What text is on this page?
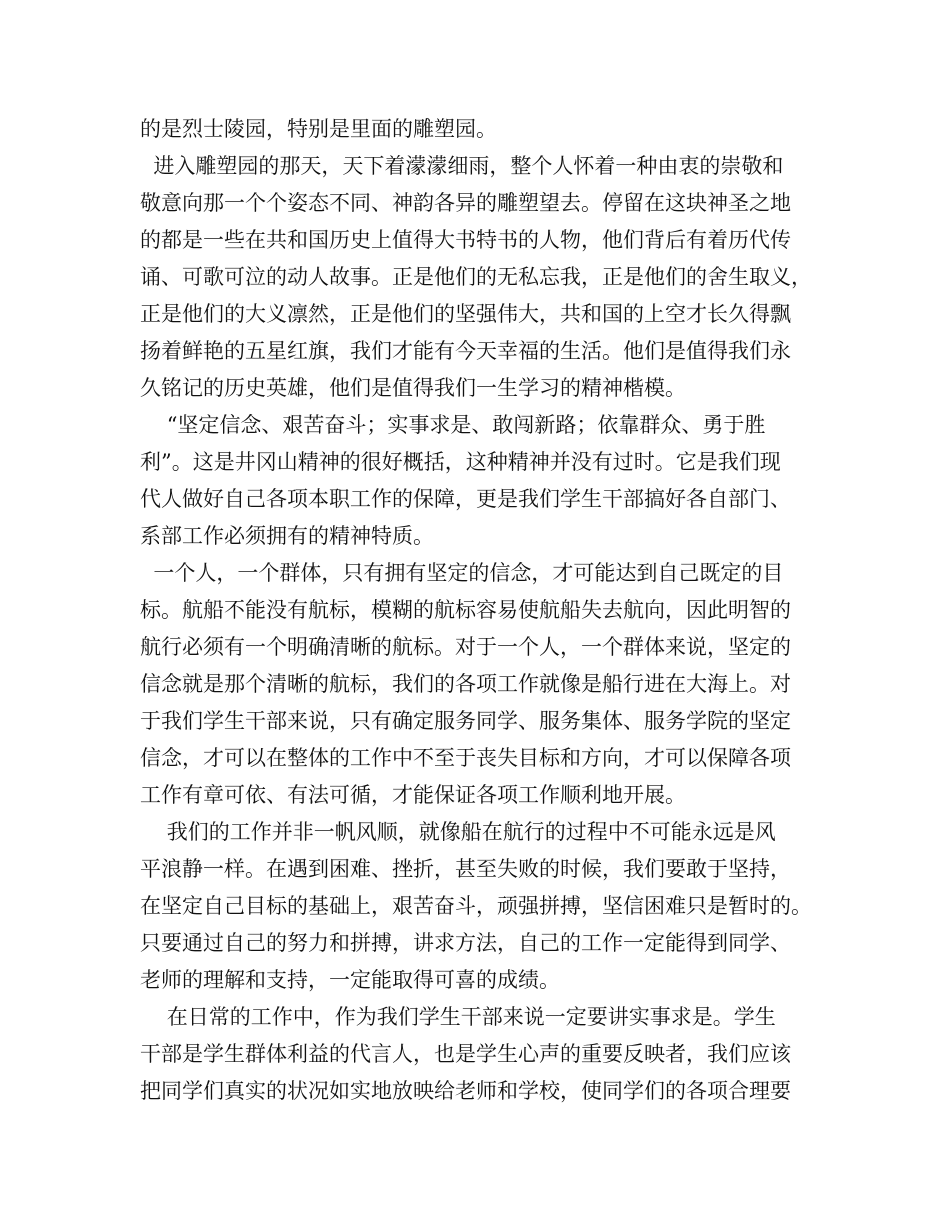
的是烈士陵园，特别是里面的雕塑园。
进入雕塑园的那天，天下着濛濛细雨，整个人怀着一种由衷的崇敬和
敬意向那一个个姿态不同、神韵各异的雕塑望去。停留在这块神圣之地
的都是一些在共和国历史上值得大书特书的人物，他们背后有着历代传
诵、可歌可泣的动人故事。正是他们的无私忘我，正是他们的舍生取义，
正是他们的大义凛然，正是他们的坚强伟大，共和国的上空才长久得飘
扬着鲜艳的五星红旗，我们才能有今天幸福的生活。他们是值得我们永
久铭记的历史英雄，他们是值得我们一生学习的精神楷模。
“坚定信念、艰苦奋斗；实事求是、敢闯新路；依靠群众、勇于胜
利”。这是井冈山精神的很好概括，这种精神并没有过时。它是我们现
代人做好自己各项本职工作的保障，更是我们学生干部搞好各自部门、
系部工作必须拥有的精神特质。
一个人，一个群体，只有拥有坚定的信念，才可能达到自己既定的目
标。航船不能没有航标，模糊的航标容易使航船失去航向，因此明智的
航行必须有一个明确清晰的航标。对于一个人，一个群体来说，坚定的
信念就是那个清晰的航标，我们的各项工作就像是船行进在大海上。对
于我们学生干部来说，只有确定服务同学、服务集体、服务学院的坚定
信念，才可以在整体的工作中不至于丧失目标和方向，才可以保障各项
工作有章可依、有法可循，才能保证各项工作顺利地开展。
我们的工作并非一帆风顺，就像船在航行的过程中不可能永远是风
平浪静一样。在遇到困难、挫折，甚至失败的时候，我们要敢于坚持，
在坚定自己目标的基础上，艰苦奋斗，顽强拼搏，坚信困难只是暂时的。
只要通过自己的努力和拼搏，讲求方法，自己的工作一定能得到同学、
老师的理解和支持，一定能取得可喜的成绩。
在日常的工作中，作为我们学生干部来说一定要讲实事求是。学生
干部是学生群体利益的代言人，也是学生心声的重要反映者，我们应该
把同学们真实的状况如实地放映给老师和学校，使同学们的各项合理要
